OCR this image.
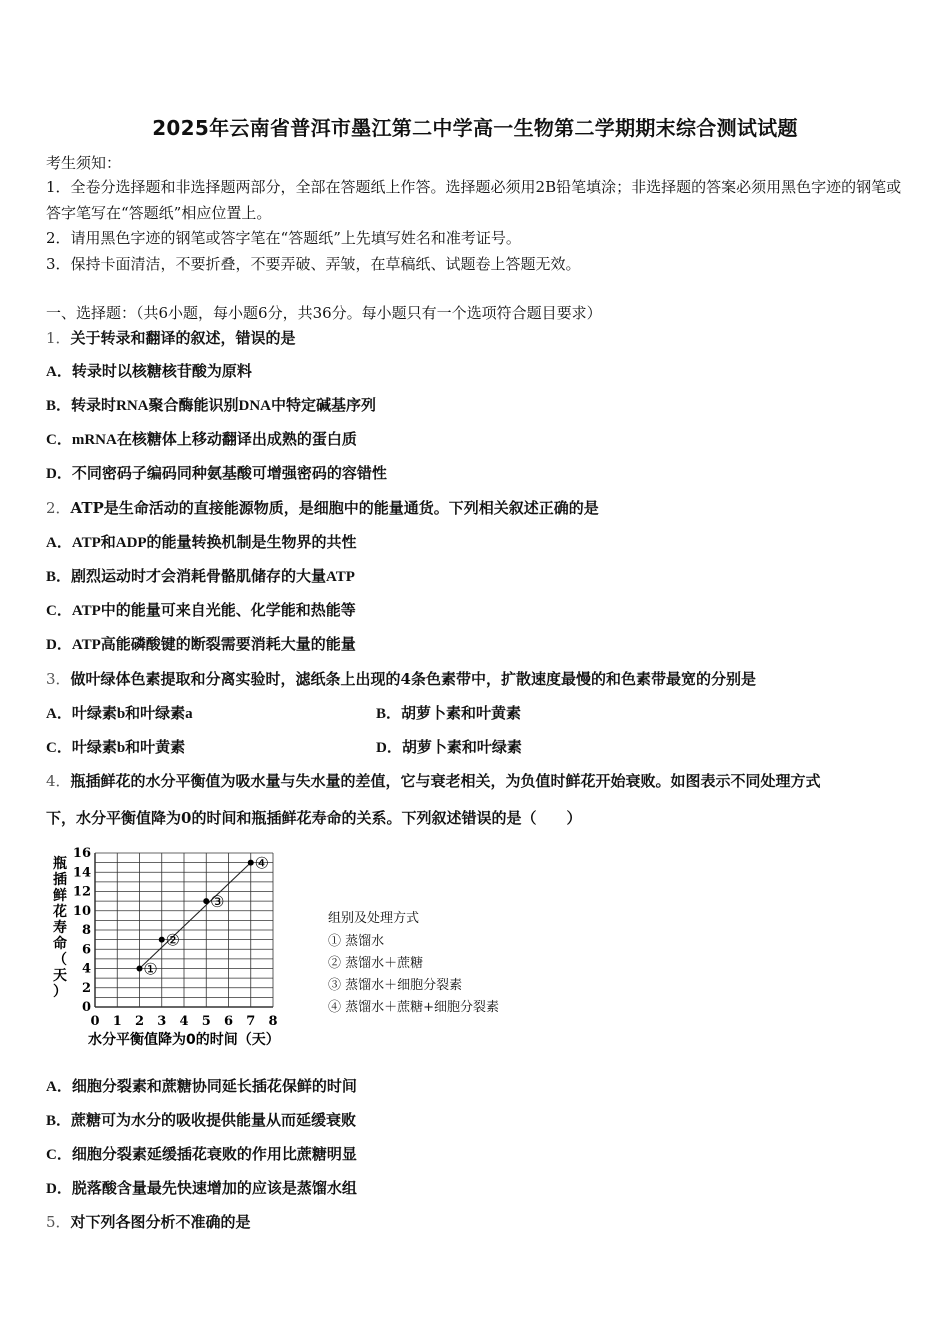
2025年云南省普洱市墨江第二中学高一生物第二学期期末综合测试试题
考生须知：
1．全卷分选择题和非选择题两部分，全部在答题纸上作答。选择题必须用2B铅笔填涂；非选择题的答案必须用黑色字迹的钢笔或答字笔写在“答题纸”相应位置上。
2．请用黑色字迹的钢笔或答字笔在“答题纸”上先填写姓名和准考证号。
3．保持卡面清洁，不要折叠，不要弄破、弄皱，在草稿纸、试题卷上答题无效。
一、选择题：（共6小题，每小题6分，共36分。每小题只有一个选项符合题目要求）
1．关于转录和翻译的叙述，错误的是
A．转录时以核糖核苷酸为原料
B．转录时RNA聚合酶能识别DNA中特定碱基序列
C．mRNA在核糖体上移动翻译出成熟的蛋白质
D．不同密码子编码同种氨基酸可增强密码的容错性
2．ATP是生命活动的直接能源物质，是细胞中的能量通货。下列相关叙述正确的是
A．ATP和ADP的能量转换机制是生物界的共性
B．剧烈运动时才会消耗骨骼肌储存的大量ATP
C．ATP中的能量可来自光能、化学能和热能等
D．ATP高能磷酸键的断裂需要消耗大量的能量
3．做叶绿体色素提取和分离实验时，滤纸条上出现的4条色素带中，扩散速度最慢的和色素带最宽的分别是
A．叶绿素b和叶绿素a	B．胡萝卜素和叶黄素
C．叶绿素b和叶黄素	D．胡萝卜素和叶绿素
4．瓶插鲜花的水分平衡值为吸水量与失水量的差值，它与衰老相关，为负值时鲜花开始衰败。如图表示不同处理方式
下，水分平衡值降为0的时间和瓶插鲜花寿命的关系。下列叙述错误的是（　　）
0
2
4
6
8
10
12
14
16
0 1 2 3 4 5 6 7 8
①
②
③
④
瓶
插
鲜
花
寿
命
（
天
）
水分平衡值降为0的时间（天）
组别及处理方式
① 蒸馏水
② 蒸馏水＋蔗糖
③ 蒸馏水＋细胞分裂素
④ 蒸馏水＋蔗糖+细胞分裂素
A．细胞分裂素和蔗糖协同延长插花保鲜的时间
B．蔗糖可为水分的吸收提供能量从而延缓衰败
C．细胞分裂素延缓插花衰败的作用比蔗糖明显
D．脱落酸含量最先快速增加的应该是蒸馏水组
5．对下列各图分析不准确的是
